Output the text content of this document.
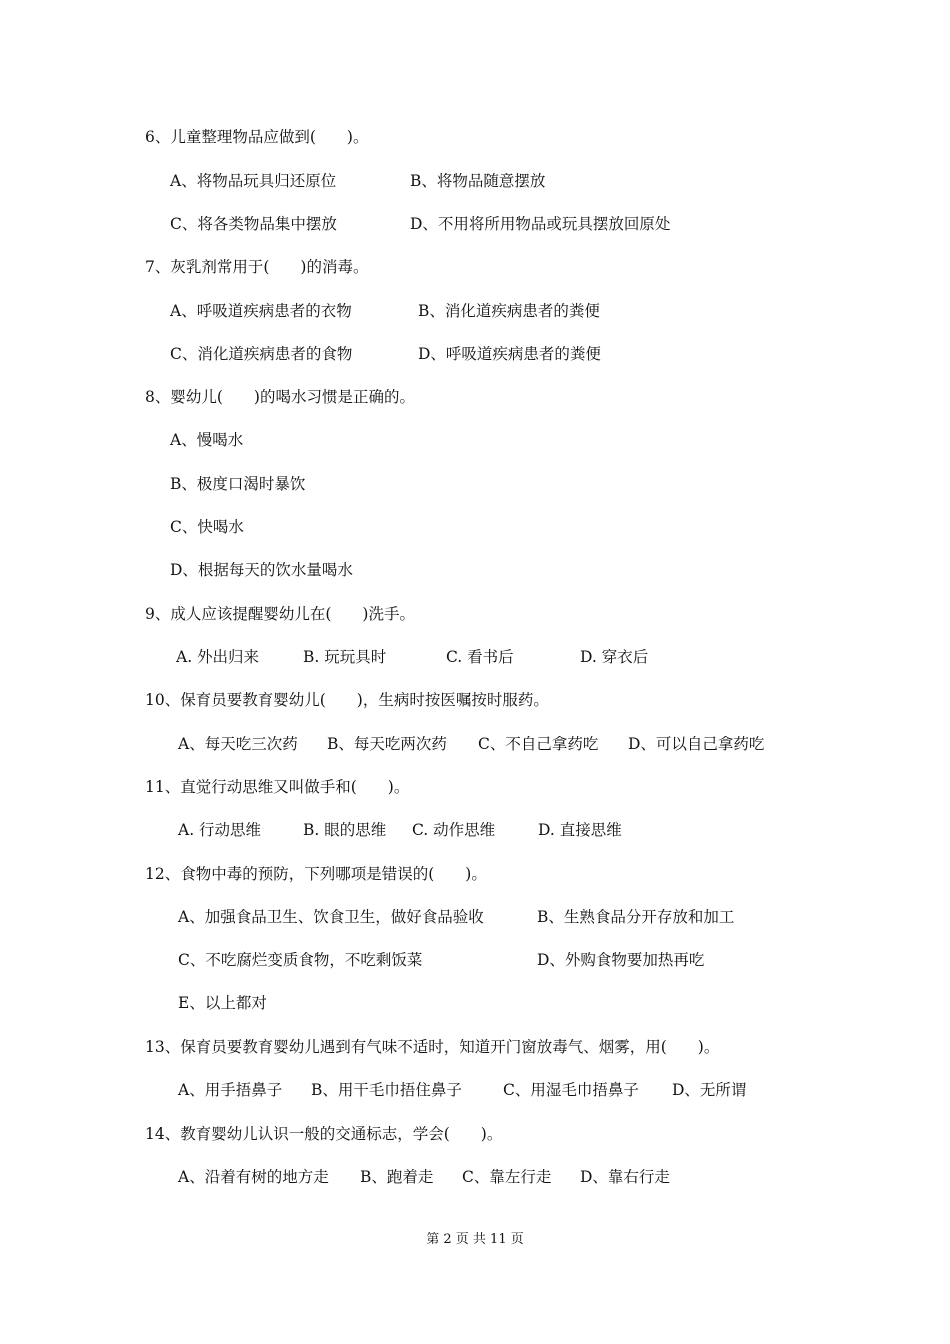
6、儿童整理物品应做到(　　)。
A、将物品玩具归还原位	B、将物品随意摆放
C、将各类物品集中摆放	D、不用将所用物品或玩具摆放回原处
7、灰乳剂常用于(　　)的消毒。
A、呼吸道疾病患者的衣物	B、消化道疾病患者的粪便
C、消化道疾病患者的食物	D、呼吸道疾病患者的粪便
8、婴幼儿(　　)的喝水习惯是正确的。
A、慢喝水
B、极度口渴时暴饮
C、快喝水
D、根据每天的饮水量喝水
9、成人应该提醒婴幼儿在(　　)洗手。
A. 外出归来	B. 玩玩具时	C. 看书后	D. 穿衣后
10、保育员要教育婴幼儿(　　)，生病时按医嘱按时服药。
A、每天吃三次药 B、每天吃两次药 C、不自己拿药吃 D、可以自己拿药吃
11、直觉行动思维又叫做手和(　　)。
A. 行动思维	B. 眼的思维 C. 动作思维	D. 直接思维
12、食物中毒的预防，下列哪项是错误的(　　)。
A、加强食品卫生、饮食卫生，做好食品验收	B、生熟食品分开存放和加工
C、不吃腐烂变质食物，不吃剩饭菜	D、外购食物要加热再吃
E、以上都对
13、保育员要教育婴幼儿遇到有气味不适时，知道开门窗放毒气、烟雾，用(　　)。
A、用手捂鼻子 B、用干毛巾捂住鼻子	C、用湿毛巾捂鼻子 D、无所谓
14、教育婴幼儿认识一般的交通标志，学会(　　)。
A、沿着有树的地方走 B、跑着走 C、靠左行走 D、靠右行走
第 2 页 共 11 页
